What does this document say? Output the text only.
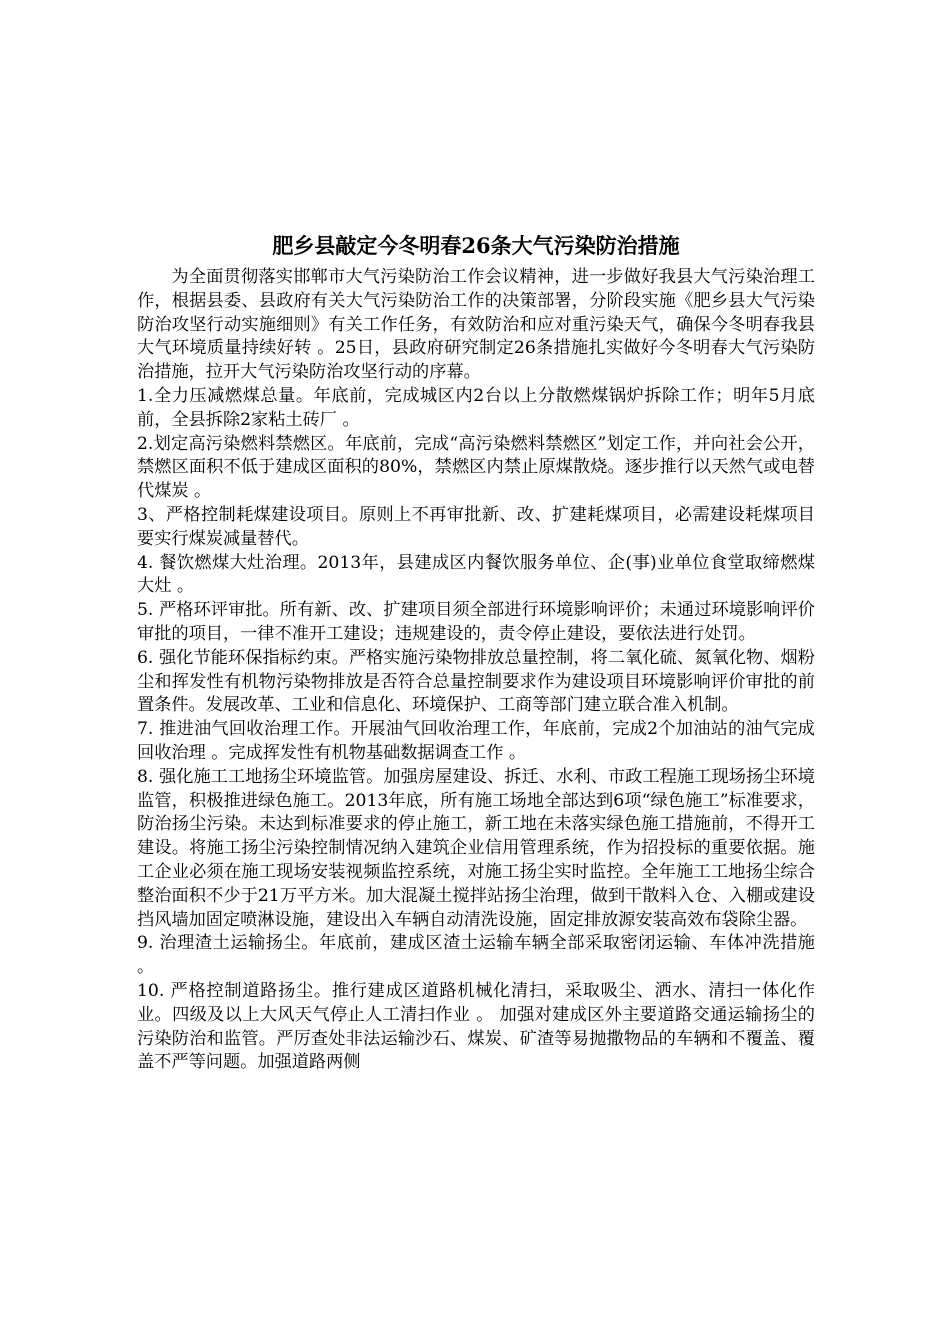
肥乡县敲定今冬明春26条大气污染防治措施

为全面贯彻落实邯郸市大气污染防治工作会议精神，进一步做好我县大气污染治理工作，根据县委、县政府有关大气污染防治工作的决策部署，分阶段实施《肥乡县大气污染防治攻坚行动实施细则》有关工作任务，有效防治和应对重污染天气，确保今冬明春我县大气环境质量持续好转 。25日，县政府研究制定26条措施扎实做好今冬明春大气污染防治措施，拉开大气污染防治攻坚行动的序幕。

1.全力压减燃煤总量。年底前，完成城区内2台以上分散燃煤锅炉拆除工作；明年5月底前，全县拆除2家粘土砖厂 。

2.划定高污染燃料禁燃区。年底前，完成“高污染燃料禁燃区”划定工作，并向社会公开，禁燃区面积不低于建成区面积的80%，禁燃区内禁止原煤散烧。逐步推行以天然气或电替代煤炭 。

3、严格控制耗煤建设项目。原则上不再审批新、改、扩建耗煤项目，必需建设耗煤项目要实行煤炭减量替代。

4. 餐饮燃煤大灶治理。2013年，县建成区内餐饮服务单位、企(事)业单位食堂取缔燃煤大灶 。

5. 严格环评审批。所有新、改、扩建项目须全部进行环境影响评价；未通过环境影响评价审批的项目，一律不准开工建设；违规建设的，责令停止建设，要依法进行处罚。

6. 强化节能环保指标约束。严格实施污染物排放总量控制，将二氧化硫、氮氧化物、烟粉尘和挥发性有机物污染物排放是否符合总量控制要求作为建设项目环境影响评价审批的前置条件。发展改革、工业和信息化、环境保护、工商等部门建立联合准入机制。

7. 推进油气回收治理工作。开展油气回收治理工作，年底前，完成2个加油站的油气完成回收治理 。完成挥发性有机物基础数据调查工作 。

8. 强化施工工地扬尘环境监管。加强房屋建设、拆迁、水利、市政工程施工现场扬尘环境监管，积极推进绿色施工。2013年底，所有施工场地全部达到6项“绿色施工”标准要求，防治扬尘污染。未达到标准要求的停止施工，新工地在未落实绿色施工措施前，不得开工建设。将施工扬尘污染控制情况纳入建筑企业信用管理系统，作为招投标的重要依据。施工企业必须在施工现场安装视频监控系统，对施工扬尘实时监控。全年施工工地扬尘综合整治面积不少于21万平方米。加大混凝土搅拌站扬尘治理，做到干散料入仓、入棚或建设挡风墙加固定喷淋设施，建设出入车辆自动清洗设施，固定排放源安装高效布袋除尘器。

9. 治理渣土运输扬尘。年底前，建成区渣土运输车辆全部采取密闭运输、车体冲洗措施 。

10. 严格控制道路扬尘。推行建成区道路机械化清扫，采取吸尘、洒水、清扫一体化作业。四级及以上大风天气停止人工清扫作业 。 加强对建成区外主要道路交通运输扬尘的污染防治和监管。严厉查处非法运输沙石、煤炭、矿渣等易抛撒物品的车辆和不覆盖、覆盖不严等问题。加强道路两侧
